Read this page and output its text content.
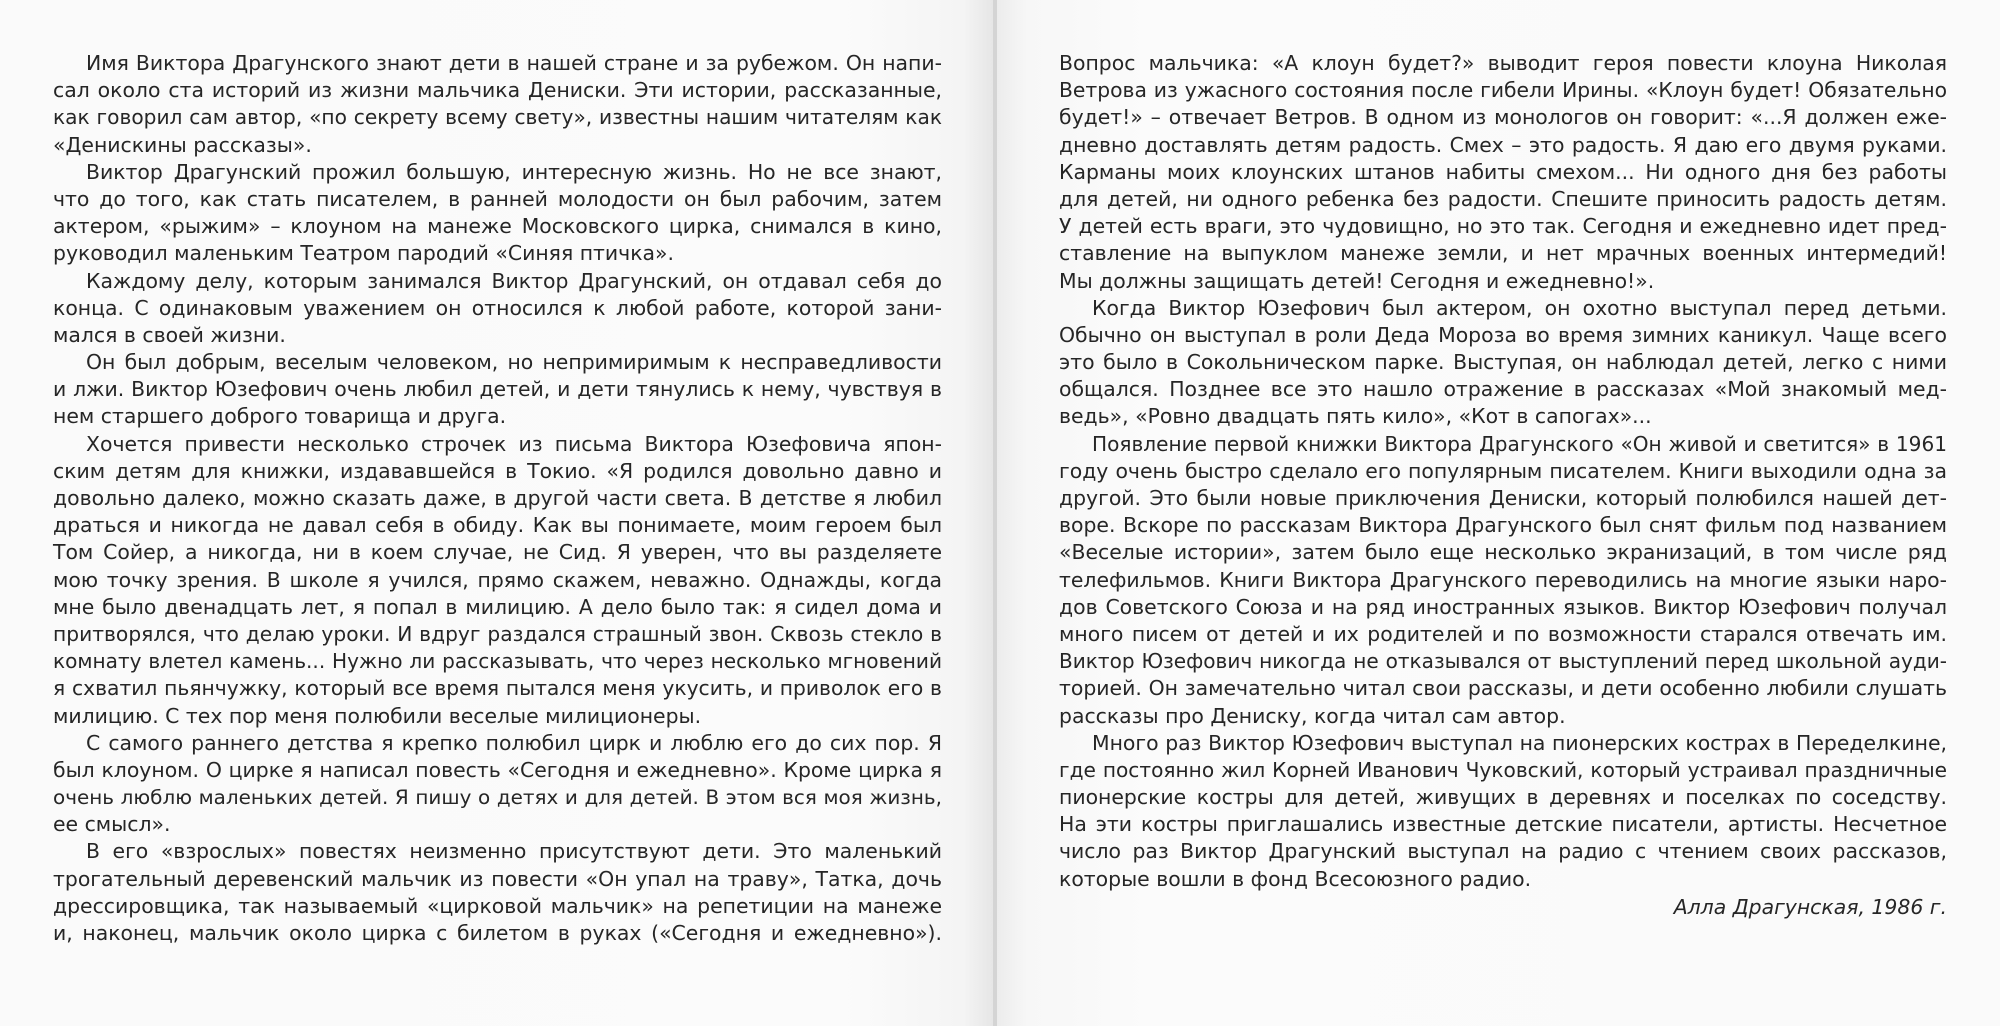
Имя Виктора Драгунского знают дети в нашей стране и за рубежом. Он напи-
сал около ста историй из жизни мальчика Дениски. Эти истории, рассказанные,
как говорил сам автор, «по секрету всему свету», известны нашим читателям как
«Денискины рассказы».
Виктор Драгунский прожил большую, интересную жизнь. Но не все знают,
что до того, как стать писателем, в ранней молодости он был рабочим, затем
актером, «рыжим» – клоуном на манеже Московского цирка, снимался в кино,
руководил маленьким Театром пародий «Синяя птичка».
Каждому делу, которым занимался Виктор Драгунский, он отдавал себя до
конца. С одинаковым уважением он относился к любой работе, которой зани-
мался в своей жизни.
Он был добрым, веселым человеком, но непримиримым к несправедливости
и лжи. Виктор Юзефович очень любил детей, и дети тянулись к нему, чувствуя в
нем старшего доброго товарища и друга.
Хочется привести несколько строчек из письма Виктора Юзефовича япон-
ским детям для книжки, издававшейся в Токио. «Я родился довольно давно и
довольно далеко, можно сказать даже, в другой части света. В детстве я любил
драться и никогда не давал себя в обиду. Как вы понимаете, моим героем был
Том Сойер, а никогда, ни в коем случае, не Сид. Я уверен, что вы разделяете
мою точку зрения. В школе я учился, прямо скажем, неважно. Однажды, когда
мне было двенадцать лет, я попал в милицию. А дело было так: я сидел дома и
притворялся, что делаю уроки. И вдруг раздался страшный звон. Сквозь стекло в
комнату влетел камень... Нужно ли рассказывать, что через несколько мгновений
я схватил пьянчужку, который все время пытался меня укусить, и приволок его в
милицию. С тех пор меня полюбили веселые милиционеры.
С самого раннего детства я крепко полюбил цирк и люблю его до сих пор. Я
был клоуном. О цирке я написал повесть «Сегодня и ежедневно». Кроме цирка я
очень люблю маленьких детей. Я пишу о детях и для детей. В этом вся моя жизнь,
ее смысл».
В его «взрослых» повестях неизменно присутствуют дети. Это маленький
трогательный деревенский мальчик из повести «Он упал на траву», Татка, дочь
дрессировщика, так называемый «цирковой мальчик» на репетиции на манеже
и, наконец, мальчик около цирка с билетом в руках («Сегодня и ежедневно»).
Вопрос мальчика: «А клоун будет?» выводит героя повести клоуна Николая
Ветрова из ужасного состояния после гибели Ирины. «Клоун будет! Обязательно
будет!» – отвечает Ветров. В одном из монологов он говорит: «...Я должен еже-
дневно доставлять детям радость. Смех – это радость. Я даю его двумя руками.
Карманы моих клоунских штанов набиты смехом... Ни одного дня без работы
для детей, ни одного ребенка без радости. Спешите приносить радость детям.
У детей есть враги, это чудовищно, но это так. Сегодня и ежедневно идет пред-
ставление на выпуклом манеже земли, и нет мрачных военных интермедий!
Мы должны защищать детей! Сегодня и ежедневно!».
Когда Виктор Юзефович был актером, он охотно выступал перед детьми.
Обычно он выступал в роли Деда Мороза во время зимних каникул. Чаще всего
это было в Сокольническом парке. Выступая, он наблюдал детей, легко с ними
общался. Позднее все это нашло отражение в рассказах «Мой знакомый мед-
ведь», «Ровно двадцать пять кило», «Кот в сапогах»...
Появление первой книжки Виктора Драгунского «Он живой и светится» в 1961
году очень быстро сделало его популярным писателем. Книги выходили одна за
другой. Это были новые приключения Дениски, который полюбился нашей дет-
воре. Вскоре по рассказам Виктора Драгунского был снят фильм под названием
«Веселые истории», затем было еще несколько экранизаций, в том числе ряд
телефильмов. Книги Виктора Драгунского переводились на многие языки наро-
дов Советского Союза и на ряд иностранных языков. Виктор Юзефович получал
много писем от детей и их родителей и по возможности старался отвечать им.
Виктор Юзефович никогда не отказывался от выступлений перед школьной ауди-
торией. Он замечательно читал свои рассказы, и дети особенно любили слушать
рассказы про Дениску, когда читал сам автор.
Много раз Виктор Юзефович выступал на пионерских кострах в Переделкине,
где постоянно жил Корней Иванович Чуковский, который устраивал праздничные
пионерские костры для детей, живущих в деревнях и поселках по соседству.
На эти костры приглашались известные детские писатели, артисты. Несчетное
число раз Виктор Драгунский выступал на радио с чтением своих рассказов,
которые вошли в фонд Всесоюзного радио.
Алла Драгунская, 1986 г.
